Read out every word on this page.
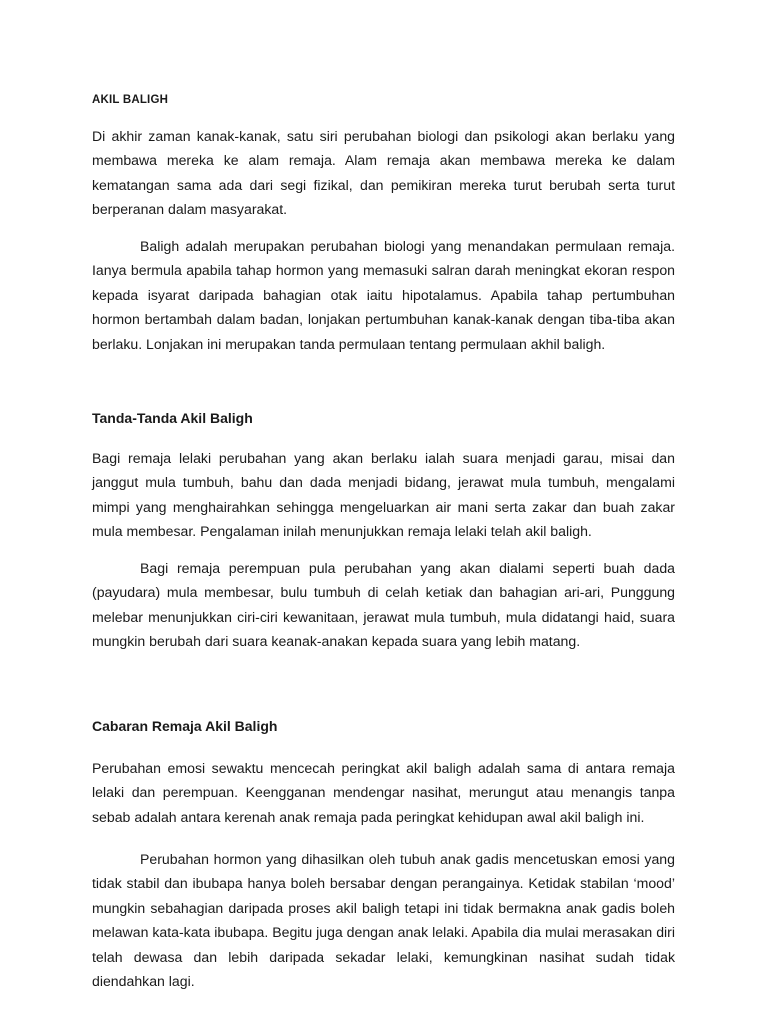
AKIL BALIGH

Di akhir zaman kanak-kanak, satu siri perubahan biologi dan psikologi akan berlaku yang membawa mereka ke alam remaja. Alam remaja akan membawa mereka ke dalam kematangan sama ada dari segi fizikal, dan pemikiran mereka turut berubah serta turut berperanan dalam masyarakat.

Baligh adalah merupakan perubahan biologi yang menandakan permulaan remaja. Ianya bermula apabila tahap hormon yang memasuki salran darah meningkat ekoran respon kepada isyarat daripada bahagian otak iaitu hipotalamus. Apabila tahap pertumbuhan hormon bertambah dalam badan, lonjakan pertumbuhan kanak-kanak dengan tiba-tiba akan berlaku. Lonjakan ini merupakan tanda permulaan tentang permulaan akhil baligh.

Tanda-Tanda Akil Baligh

Bagi remaja lelaki perubahan yang akan berlaku ialah suara menjadi garau, misai dan janggut mula tumbuh, bahu dan dada menjadi bidang, jerawat mula tumbuh, mengalami mimpi yang menghairahkan sehingga mengeluarkan air mani serta zakar dan buah zakar mula membesar. Pengalaman inilah menunjukkan remaja lelaki telah akil baligh.

Bagi remaja perempuan pula perubahan yang akan dialami seperti buah dada (payudara) mula membesar, bulu tumbuh di celah ketiak dan bahagian ari-ari, Punggung melebar menunjukkan ciri-ciri kewanitaan, jerawat mula tumbuh, mula didatangi haid, suara mungkin berubah dari suara keanak-anakan kepada suara yang lebih matang.

Cabaran Remaja Akil Baligh

Perubahan emosi sewaktu mencecah peringkat akil baligh adalah sama di antara remaja lelaki dan perempuan. Keengganan mendengar nasihat, merungut atau menangis tanpa sebab adalah antara kerenah anak remaja pada peringkat kehidupan awal akil baligh ini.

Perubahan hormon yang dihasilkan oleh tubuh anak gadis mencetuskan emosi yang tidak stabil dan ibubapa hanya boleh bersabar dengan perangainya. Ketidak stabilan ‘mood’ mungkin sebahagian daripada proses akil baligh tetapi ini tidak bermakna anak gadis boleh melawan kata-kata ibubapa. Begitu juga dengan anak lelaki. Apabila dia mulai merasakan diri telah dewasa dan lebih daripada sekadar lelaki, kemungkinan nasihat sudah tidak diendahkan lagi.
